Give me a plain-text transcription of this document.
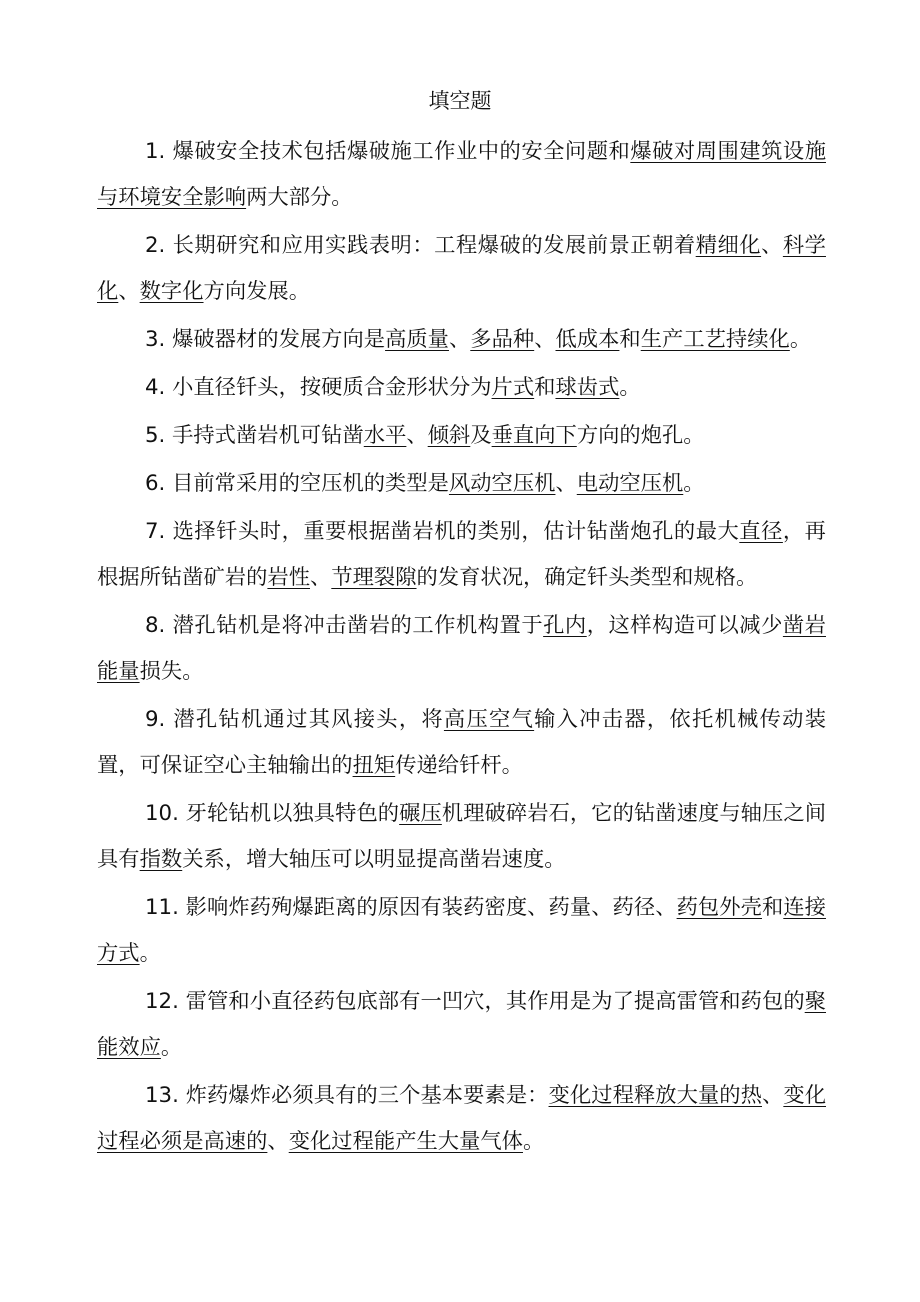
填空题

1. 爆破安全技术包括爆破施工作业中的安全问题和爆破对周围建筑设施与环境安全影响两大部分。

2. 长期研究和应用实践表明：工程爆破的发展前景正朝着精细化、科学化、数字化方向发展。

3. 爆破器材的发展方向是高质量、多品种、低成本和生产工艺持续化。

4. 小直径钎头，按硬质合金形状分为片式和球齿式。

5. 手持式凿岩机可钻凿水平、倾斜及垂直向下方向的炮孔。

6. 目前常采用的空压机的类型是风动空压机、电动空压机。

7. 选择钎头时，重要根据凿岩机的类别，估计钻凿炮孔的最大直径，再根据所钻凿矿岩的岩性、节理裂隙的发育状况，确定钎头类型和规格。

8. 潜孔钻机是将冲击凿岩的工作机构置于孔内，这样构造可以减少凿岩能量损失。

9. 潜孔钻机通过其风接头，将高压空气输入冲击器，依托机械传动装置，可保证空心主轴输出的扭矩传递给钎杆。

10. 牙轮钻机以独具特色的碾压机理破碎岩石，它的钻凿速度与轴压之间具有指数关系，增大轴压可以明显提高凿岩速度。

11. 影响炸药殉爆距离的原因有装药密度、药量、药径、药包外壳和连接方式。

12. 雷管和小直径药包底部有一凹穴，其作用是为了提高雷管和药包的聚能效应。

13. 炸药爆炸必须具有的三个基本要素是：变化过程释放大量的热、变化过程必须是高速的、变化过程能产生大量气体。
